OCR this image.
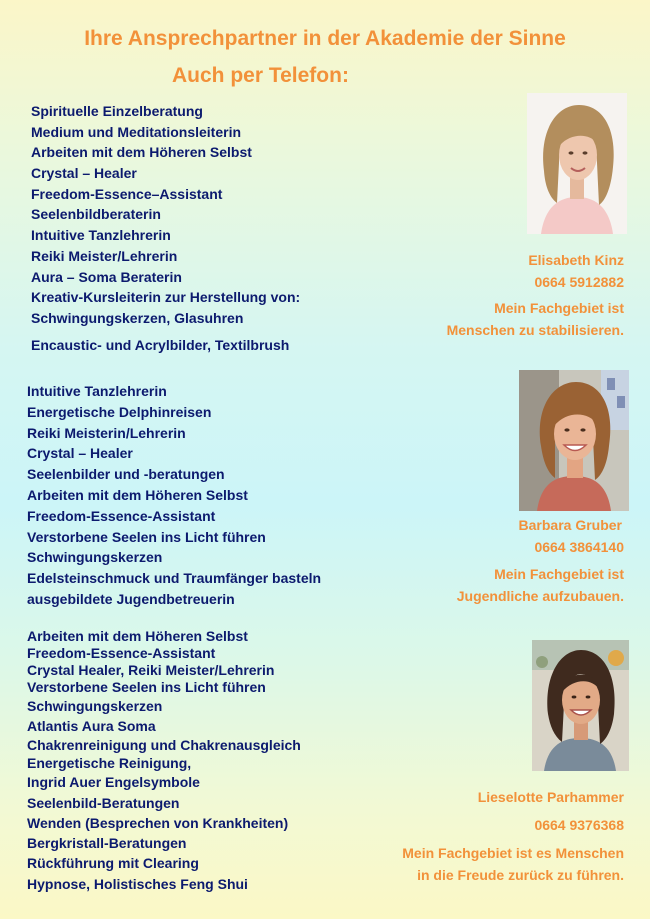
Ihre Ansprechpartner in der Akademie der Sinne
Auch per Telefon:
Spirituelle Einzelberatung
Medium und Meditationsleiterin
Arbeiten mit dem Höheren Selbst
Crystal – Healer
Freedom-Essence–Assistant
Seelenbildberaterin
Intuitive Tanzlehrerin
Reiki Meister/Lehrerin
Aura – Soma Beraterin
Kreativ-Kursleiterin zur Herstellung von:
Schwingungskerzen, Glasuhren
Encaustic- und Acrylbilder, Textilbrush
Elisabeth Kinz
0664 5912882
Mein Fachgebiet ist
Menschen zu stabilisieren.
Intuitive Tanzlehrerin
Energetische Delphinreisen
Reiki Meisterin/Lehrerin
Crystal – Healer
Seelenbilder und -beratungen
Arbeiten mit dem Höheren Selbst
Freedom-Essence-Assistant
Verstorbene Seelen ins Licht führen
Schwingungskerzen
Edelsteinschmuck und Traumfänger basteln
ausgebildete Jugendbetreuerin
Barbara Gruber
0664 3864140
Mein Fachgebiet ist
Jugendliche aufzubauen.
Arbeiten mit dem Höheren Selbst
Freedom-Essence-Assistant
Crystal Healer, Reiki Meister/Lehrerin
Verstorbene Seelen ins Licht führen
Schwingungskerzen
Atlantis Aura Soma
Chakrenreinigung und Chakrenausgleich
Energetische Reinigung,
Ingrid Auer Engelsymbole
Seelenbild-Beratungen
Wenden (Besprechen von Krankheiten)
Bergkristall-Beratungen
Rückführung mit Clearing
Hypnose, Holistisches Feng Shui
Lieselotte Parhammer
0664 9376368
Mein Fachgebiet ist es Menschen
in die Freude zurück zu führen.
